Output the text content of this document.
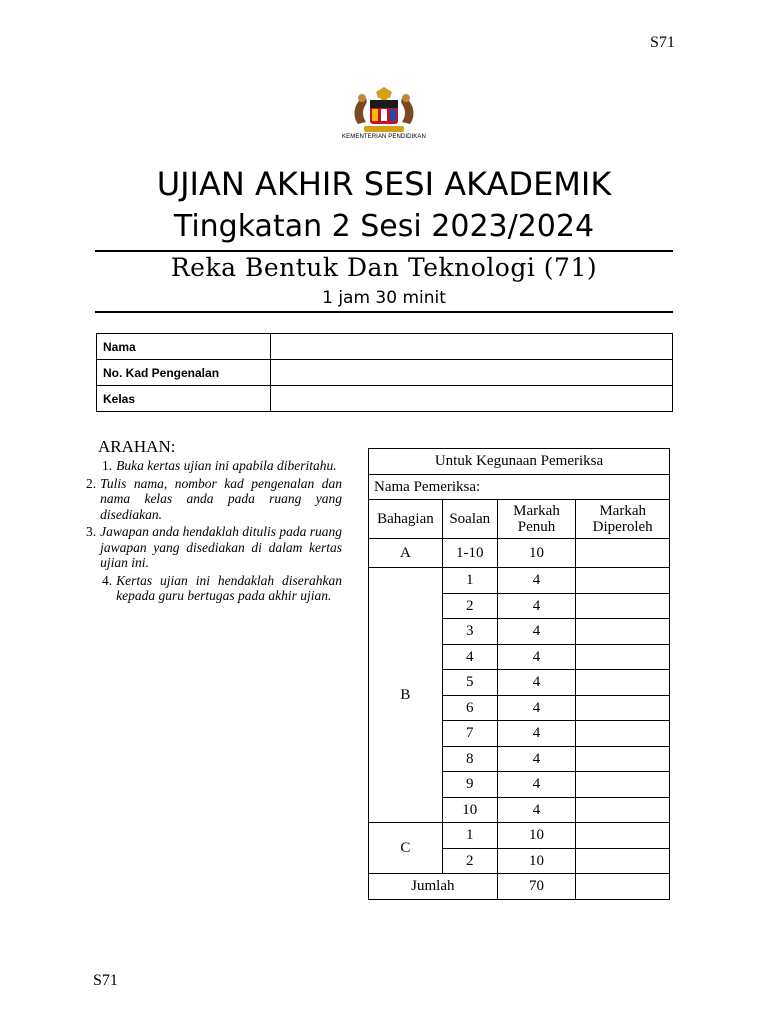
S71
KEMENTERIAN PENDIDIKAN
UJIAN AKHIR SESI AKADEMIK
Tingkatan 2 Sesi 2023/2024
Reka Bentuk Dan Teknologi (71)
1 jam 30 minit
Nama	
No. Kad Pengenalan	
Kelas	
ARAHAN:
1. Buka kertas ujian ini apabila diberitahu.
2. Tulis nama, nombor kad pengenalan dan nama kelas anda pada ruang yang disediakan.
3. Jawapan anda hendaklah ditulis pada ruang jawapan yang disediakan di dalam kertas ujian ini.
4. Kertas ujian ini hendaklah diserahkan kepada guru bertugas pada akhir ujian.
Untuk Kegunaan Pemeriksa			
Nama Pemeriksa:			
Bahagian	Soalan	Markah Penuh	Markah Diperoleh
A	1-10	10	
B	1	4	
	2	4	
	3	4	
	4	4	
	5	4	
	6	4	
	7	4	
	8	4	
	9	4	
	10	4	
C	1	10	
	2	10	
Jumlah		70	
S71
